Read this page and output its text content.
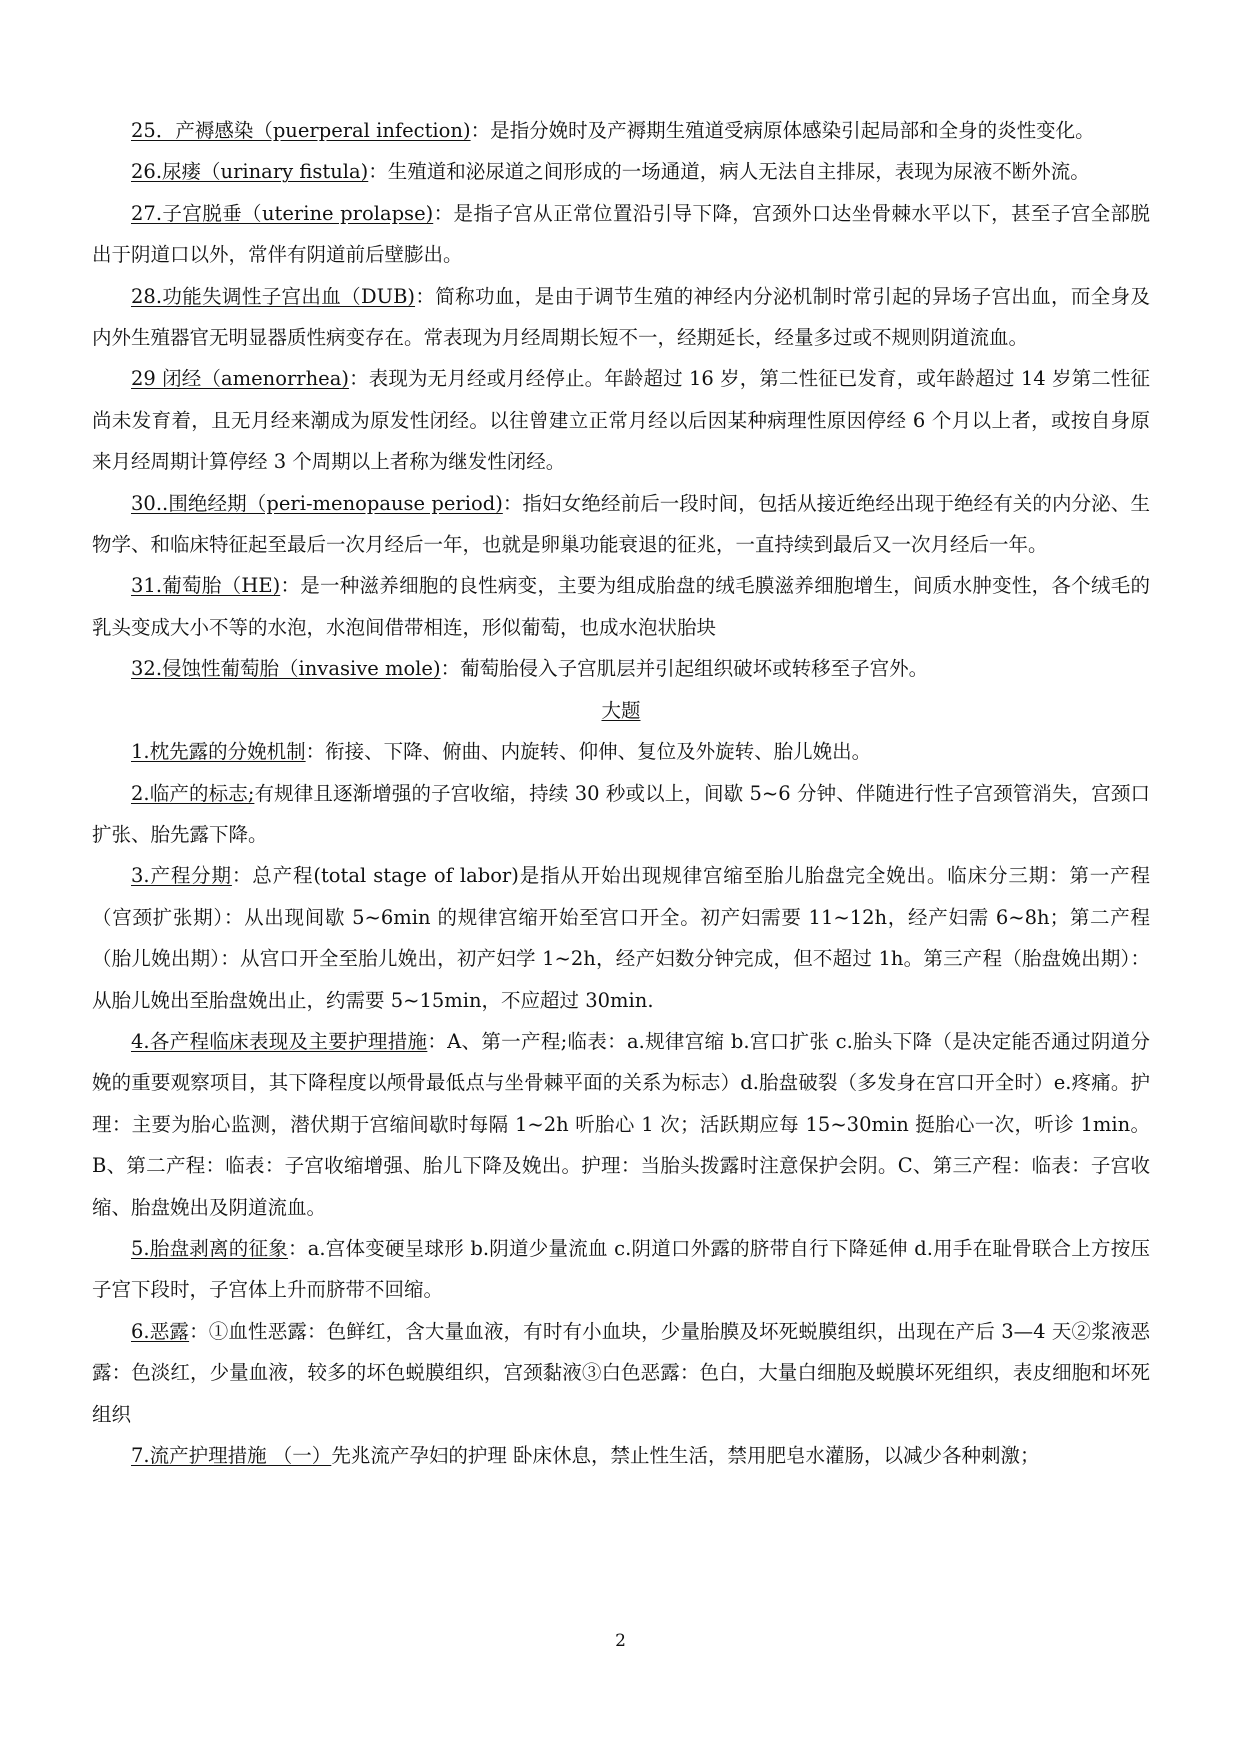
25．产褥感染（puerperal infection)：是指分娩时及产褥期生殖道受病原体感染引起局部和全身的炎性变化。

26.尿瘘（urinary fistula)：生殖道和泌尿道之间形成的一场通道，病人无法自主排尿，表现为尿液不断外流。

27.子宫脱垂（uterine prolapse)：是指子宫从正常位置沿引导下降，宫颈外口达坐骨棘水平以下，甚至子宫全部脱出于阴道口以外，常伴有阴道前后壁膨出。

28.功能失调性子宫出血（DUB)：简称功血，是由于调节生殖的神经内分泌机制时常引起的异场子宫出血，而全身及内外生殖器官无明显器质性病变存在。常表现为月经周期长短不一，经期延长，经量多过或不规则阴道流血。

29 闭经（amenorrhea)：表现为无月经或月经停止。年龄超过 16 岁，第二性征已发育，或年龄超过 14 岁第二性征尚未发育着，且无月经来潮成为原发性闭经。以往曾建立正常月经以后因某种病理性原因停经 6 个月以上者，或按自身原来月经周期计算停经 3 个周期以上者称为继发性闭经。

30..围绝经期（peri-menopause period)：指妇女绝经前后一段时间，包括从接近绝经出现于绝经有关的内分泌、生物学、和临床特征起至最后一次月经后一年，也就是卵巢功能衰退的征兆，一直持续到最后又一次月经后一年。

31.葡萄胎（HE)：是一种滋养细胞的良性病变，主要为组成胎盘的绒毛膜滋养细胞增生，间质水肿变性，各个绒毛的乳头变成大小不等的水泡，水泡间借带相连，形似葡萄，也成水泡状胎块

32.侵蚀性葡萄胎（invasive mole)：葡萄胎侵入子宫肌层并引起组织破坏或转移至子宫外。

大题

1.枕先露的分娩机制：衔接、下降、俯曲、内旋转、仰伸、复位及外旋转、胎儿娩出。

2.临产的标志;有规律且逐渐增强的子宫收缩，持续 30 秒或以上，间歇 5~6 分钟、伴随进行性子宫颈管消失，宫颈口扩张、胎先露下降。

3.产程分期：总产程(total stage of labor)是指从开始出现规律宫缩至胎儿胎盘完全娩出。临床分三期：第一产程（宫颈扩张期）：从出现间歇 5~6min 的规律宫缩开始至宫口开全。初产妇需要 11~12h，经产妇需 6~8h；第二产程（胎儿娩出期）：从宫口开全至胎儿娩出，初产妇学 1~2h，经产妇数分钟完成，但不超过 1h。第三产程（胎盘娩出期）：从胎儿娩出至胎盘娩出止，约需要 5~15min，不应超过 30min.

4.各产程临床表现及主要护理措施：A、第一产程;临表：a.规律宫缩 b.宫口扩张 c.胎头下降（是决定能否通过阴道分娩的重要观察项目，其下降程度以颅骨最低点与坐骨棘平面的关系为标志）d.胎盘破裂（多发身在宫口开全时）e.疼痛。护理：主要为胎心监测，潜伏期于宫缩间歇时每隔 1~2h 听胎心 1 次；活跃期应每 15~30min 挺胎心一次，听诊 1min。B、第二产程：临表：子宫收缩增强、胎儿下降及娩出。护理：当胎头拨露时注意保护会阴。C、第三产程：临表：子宫收缩、胎盘娩出及阴道流血。

5.胎盘剥离的征象：a.宫体变硬呈球形 b.阴道少量流血 c.阴道口外露的脐带自行下降延伸 d.用手在耻骨联合上方按压子宫下段时，子宫体上升而脐带不回缩。

6.恶露：①血性恶露：色鲜红，含大量血液，有时有小血块，少量胎膜及坏死蜕膜组织，出现在产后 3—4 天②浆液恶露：色淡红，少量血液，较多的坏色蜕膜组织，宫颈黏液③白色恶露：色白，大量白细胞及蜕膜坏死组织，表皮细胞和坏死组织

7.流产护理措施 （一）先兆流产孕妇的护理 卧床休息，禁止性生活，禁用肥皂水灌肠，以减少各种刺激；

2
